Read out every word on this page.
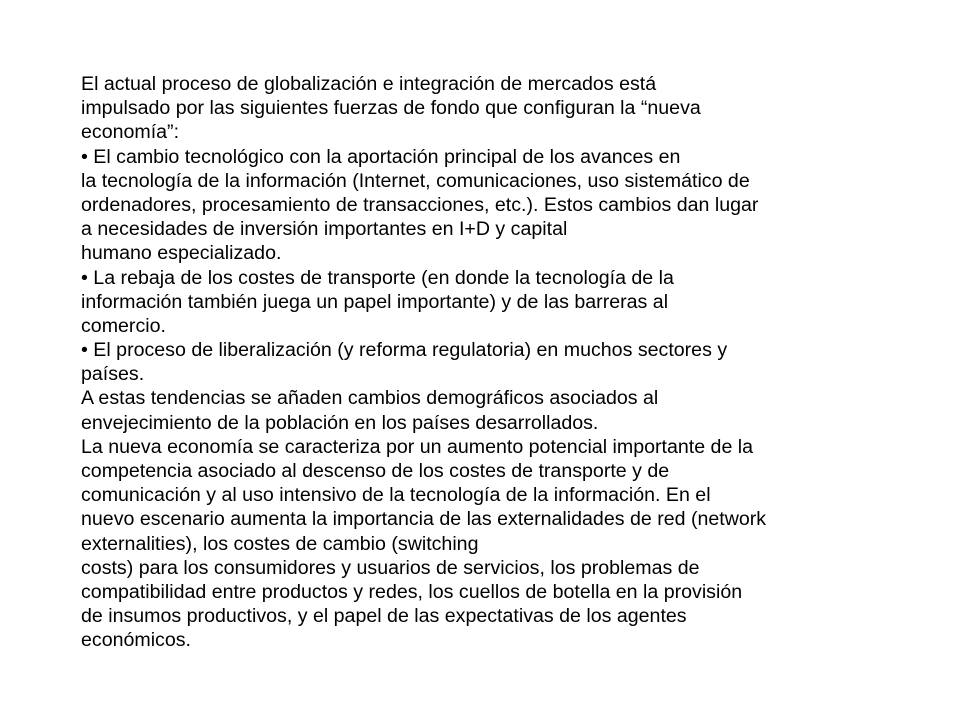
El actual proceso de globalización e integración de mercados está
impulsado por las siguientes fuerzas de fondo que configuran la “nueva
economía”:
• El cambio tecnológico con la aportación principal de los avances en
la tecnología de la información (Internet, comunicaciones, uso sistemático de
ordenadores, procesamiento de transacciones, etc.). Estos cambios dan lugar
a necesidades de inversión importantes en I+D y capital
humano especializado.
• La rebaja de los costes de transporte (en donde la tecnología de la
información también juega un papel importante) y de las barreras al
comercio.
• El proceso de liberalización (y reforma regulatoria) en muchos sectores y
países.
A estas tendencias se añaden cambios demográficos asociados al
envejecimiento de la población en los países desarrollados.
La nueva economía se caracteriza por un aumento potencial importante de la
competencia asociado al descenso de los costes de transporte y de
comunicación y al uso intensivo de la tecnología de la información. En el
nuevo escenario aumenta la importancia de las externalidades de red (network
externalities), los costes de cambio (switching
costs) para los consumidores y usuarios de servicios, los problemas de
compatibilidad entre productos y redes, los cuellos de botella en la provisión
de insumos productivos, y el papel de las expectativas de los agentes
económicos.
